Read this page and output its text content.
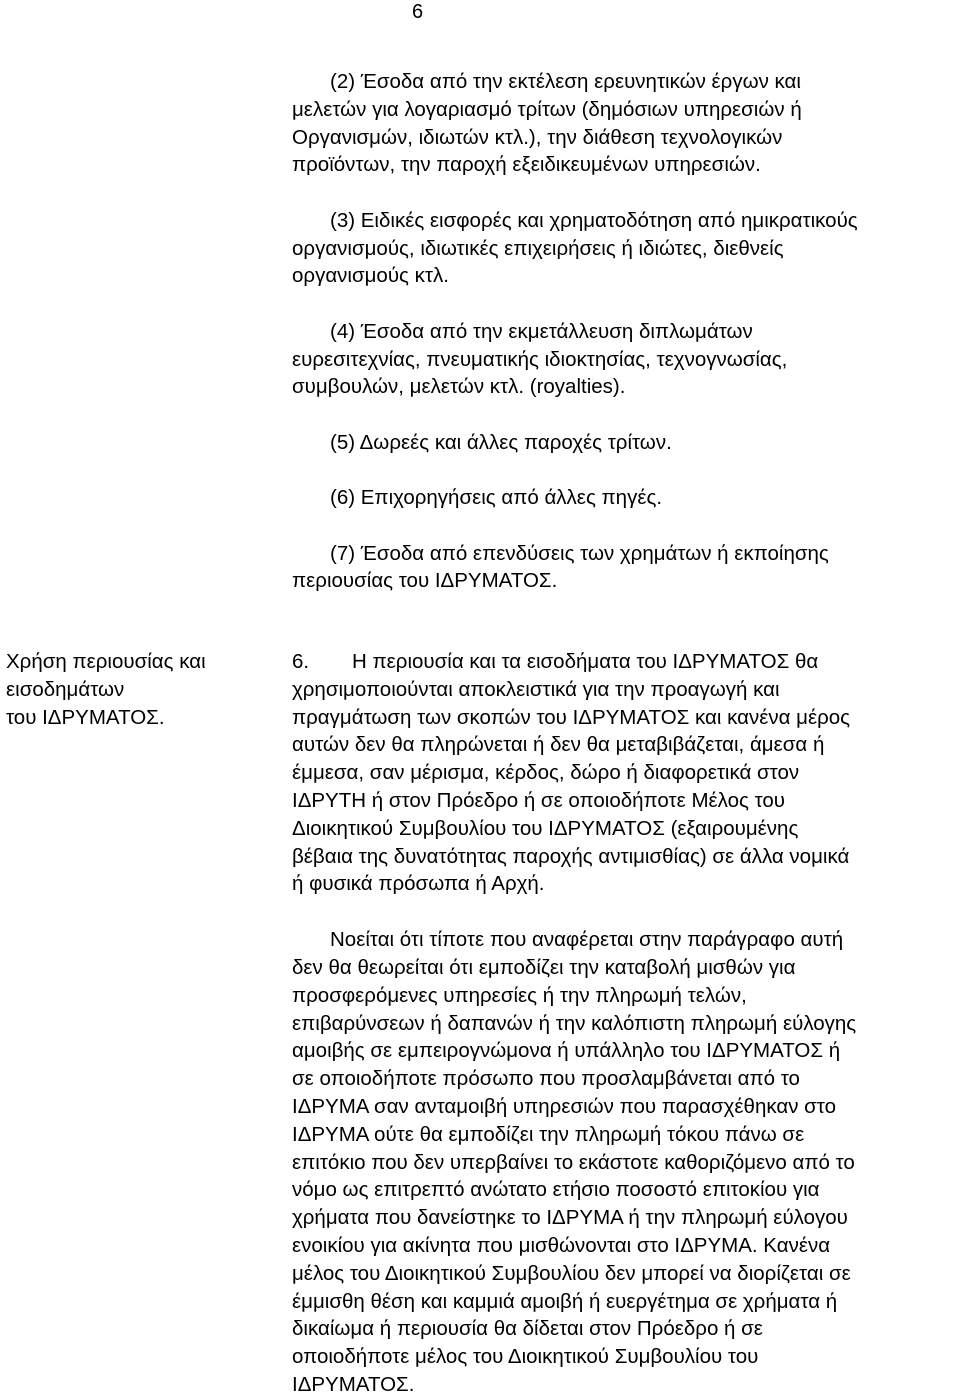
6
(2) Έσοδα από την εκτέλεση ερευνητικών έργων και
μελετών για λογαριασμό τρίτων (δημόσιων υπηρεσιών ή
Οργανισμών, ιδιωτών κτλ.), την διάθεση τεχνολογικών
προϊόντων, την παροχή εξειδικευμένων υπηρεσιών.
(3) Ειδικές εισφορές και χρηματοδότηση από ημικρατικούς
οργανισμούς, ιδιωτικές επιχειρήσεις ή ιδιώτες, διεθνείς
οργανισμούς κτλ.
(4) Έσοδα από την εκμετάλλευση διπλωμάτων
ευρεσιτεχνίας, πνευματικής ιδιοκτησίας, τεχνογνωσίας,
συμβουλών, μελετών κτλ. (royalties).
(5) Δωρεές και άλλες παροχές τρίτων.
(6) Επιχορηγήσεις από άλλες πηγές.
(7) Έσοδα από επενδύσεις των χρημάτων ή εκποίησης
περιουσίας του ΙΔΡΥΜΑΤΟΣ.
Χρήση περιουσίας και
εισοδημάτων
του ΙΔΡΥΜΑΤΟΣ.

6. Η περιουσία και τα εισοδήματα του ΙΔΡΥΜΑΤΟΣ θα
χρησιμοποιούνται αποκλειστικά για την προαγωγή και
πραγμάτωση των σκοπών του ΙΔΡΥΜΑΤΟΣ και κανένα μέρος
αυτών δεν θα πληρώνεται ή δεν θα μεταβιβάζεται, άμεσα ή
έμμεσα, σαν μέρισμα, κέρδος, δώρο ή διαφορετικά στον
ΙΔΡΥΤΗ ή στον Πρόεδρο ή σε οποιοδήποτε Μέλος του
Διοικητικού Συμβουλίου του ΙΔΡΥΜΑΤΟΣ (εξαιρουμένης
βέβαια της δυνατότητας παροχής αντιμισθίας) σε άλλα νομικά
ή φυσικά πρόσωπα ή Αρχή.

Νοείται ότι τίποτε που αναφέρεται στην παράγραφο αυτή
δεν θα θεωρείται ότι εμποδίζει την καταβολή μισθών για
προσφερόμενες υπηρεσίες ή την πληρωμή τελών,
επιβαρύνσεων ή δαπανών ή την καλόπιστη πληρωμή εύλογης
αμοιβής σε εμπειρογνώμονα ή υπάλληλο του ΙΔΡΥΜΑΤΟΣ ή
σε οποιοδήποτε πρόσωπο που προσλαμβάνεται από το
ΙΔΡΥΜΑ σαν ανταμοιβή υπηρεσιών που παρασχέθηκαν στο
ΙΔΡΥΜΑ ούτε θα εμποδίζει την πληρωμή τόκου πάνω σε
επιτόκιο που δεν υπερβαίνει το εκάστοτε καθοριζόμενο από το
νόμο ως επιτρεπτό ανώτατο ετήσιο ποσοστό επιτοκίου για
χρήματα που δανείστηκε το ΙΔΡΥΜΑ ή την πληρωμή εύλογου
ενοικίου για ακίνητα που μισθώνονται στο ΙΔΡΥΜΑ. Κανένα
μέλος του Διοικητικού Συμβουλίου δεν μπορεί να διορίζεται σε
έμμισθη θέση και καμμιά αμοιβή ή ευεργέτημα σε χρήματα ή
δικαίωμα ή περιουσία θα δίδεται στον Πρόεδρο ή σε
οποιοδήποτε μέλος του Διοικητικού Συμβουλίου του
ΙΔΡΥΜΑΤΟΣ.
